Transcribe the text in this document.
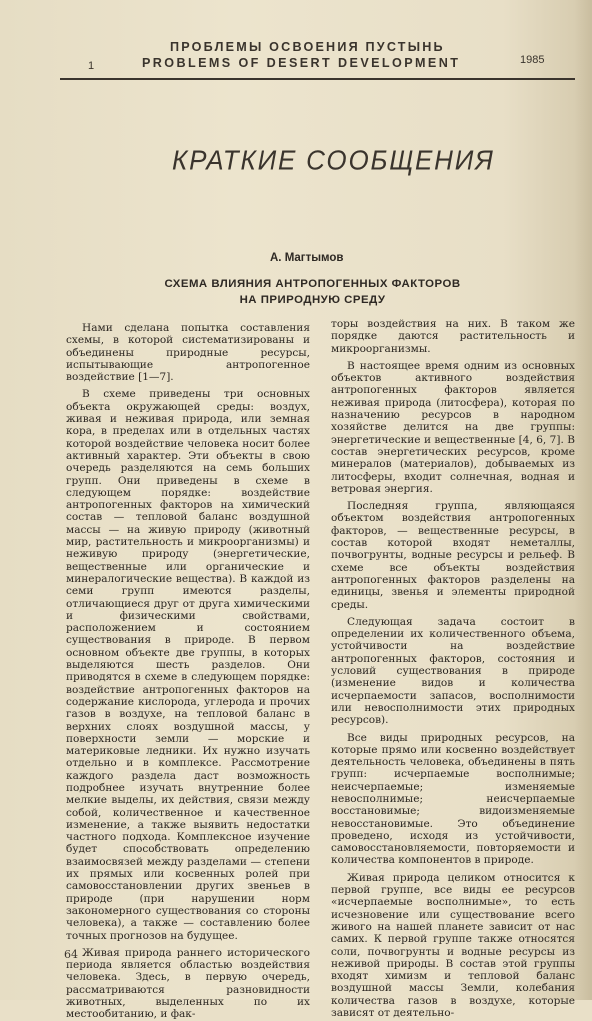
ПРОБЛЕМЫ ОСВОЕНИЯ ПУСТЫНЬ
1	PROBLEMS OF DESERT DEVELOPMENT	1985
КРАТКИЕ СООБЩЕНИЯ
А. Магтымов
СХЕМА ВЛИЯНИЯ АНТРОПОГЕННЫХ ФАКТОРОВ
НА ПРИРОДНУЮ СРЕДУ

Нами сделана попытка составления схемы, в которой систематизированы и объединены природные ресурсы, испытывающие антропогенное воздействие [1—7].

В схеме приведены три основных объекта окружающей среды: воздух, живая и неживая природа, или земная кора, в пределах или в отдельных частях которой воздействие человека носит более активный характер. Эти объекты в свою очередь разделяются на семь больших групп. Они приведены в схеме в следующем порядке: воздействие антропогенных факторов на химический состав — тепловой баланс воздушной массы — на живую природу (животный мир, растительность и микроорганизмы) и неживую природу (энергетические, вещественные или органические и минералогические вещества). В каждой из семи групп имеются разделы, отличающиеся друг от друга химическими и физическими свойствами, расположением и состоянием существования в природе. В первом основном объекте две группы, в которых выделяются шесть разделов. Они приводятся в схеме в следующем порядке: воздействие антропогенных факторов на содержание кислорода, углерода и прочих газов в воздухе, на тепловой баланс в верхних слоях воздушной массы, у поверхности земли — морские и материковые ледники. Их нужно изучать отдельно и в комплексе. Рассмотрение каждого раздела даст возможность подробнее изучать внутренние более мелкие выделы, их действия, связи между собой, количественное и качественное изменение, а также выявить недостатки частного подхода. Комплексное изучение будет способствовать определению взаимосвязей между разделами — степени их прямых или косвенных ролей при самовосстановлении других звеньев в природе (при нарушении норм закономерного существования со стороны человека), а также — составлению более точных прогнозов на будущее.

Живая природа раннего исторического периода является областью воздействия человека. Здесь, в первую очередь, рассматриваются разновидности животных, выделенных по их местообитанию, и фак-

торы воздействия на них. В таком же порядке даются растительность и микроорганизмы.

В настоящее время одним из основных объектов активного воздействия антропогенных факторов является неживая природа (литосфера), которая по назначению ресурсов в народном хозяйстве делится на две группы: энергетические и вещественные [4, 6, 7]. В состав энергетических ресурсов, кроме минералов (материалов), добываемых из литосферы, входит солнечная, водная и ветровая энергия.

Последняя группа, являющаяся объектом воздействия антропогенных факторов, — вещественные ресурсы, в состав которой входят неметаллы, почвогрунты, водные ресурсы и рельеф. В схеме все объекты воздействия антропогенных факторов разделены на единицы, звенья и элементы природной среды.

Следующая задача состоит в определении их количественного объема, устойчивости на воздействие антропогенных факторов, состояния и условий существования в природе (изменение видов и количества исчерпаемости запасов, восполнимости или невосполнимости этих природных ресурсов).

Все виды природных ресурсов, на которые прямо или косвенно воздействует деятельность человека, объединены в пять групп: исчерпаемые восполнимые; неисчерпаемые; изменяемые невосполнимые; неисчерпаемые восстановимые; видоизменяемые невосстановимые. Это объединение проведено, исходя из устойчивости, самовосстановляемости, повторяемости и количества компонентов в природе.

Живая природа целиком относится к первой группе, все виды ее ресурсов «исчерпаемые восполнимые», то есть исчезновение или существование всего живого на нашей планете зависит от нас самих. К первой группе также относятся соли, почвогрунты и водные ресурсы из неживой природы. В состав этой группы входят химизм и тепловой баланс воздушной массы Земли, колебания количества газов в воздухе, которые зависят от деятельно-

64
